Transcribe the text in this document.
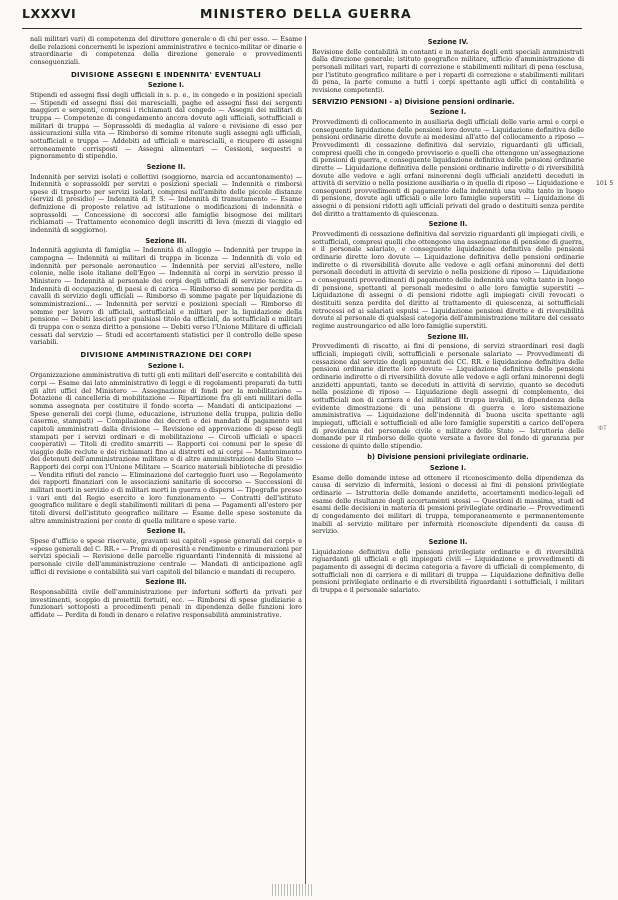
LXXXVI	MINISTERO DELLA GUERRA

nali militari vari) di competenza del direttore generale o di chi per esso. — Esame delle relazioni concernenti le ispezioni amministrative e tecnico-militar or dinarie e straordinarie di competenza della direzione generale e provvedimenti conseguenziali.

DIVISIONE ASSEGNI E INDENNITA' EVENTUALI
Sezione I.

Stipendi ed assegni fissi degli ufficiali in s. p. e., in congedo e in posizioni speciali — Stipendi ed assegni fissi dei marescialli, paghe ed assegni fissi dei sergenti maggiori e sergenti, compresi i richiamati dal congedo — Assegni dei militari di truppa — Competenze di congedamento ancora dovute agli ufficiali, sottufficiali e militari di truppa — Soprassoldi di medaglia al valore e revisione di esso per assicurazioni sulla vita — Rimborso di somme ritenute sugli assegni agli ufficiali, sottufficiali e truppa — Addebiti ad ufficiali e marescialli, e ricupero di assegni erroneamente corrisposti — Assegni alimentari — Cessioni, sequestri e pignoramento di stipendio.

Sezione II.

Indennità per servizi isolati e collettivi (soggiorno, marcia ed accantonamento) — Indennità e soprassoldi per servizi e posizioni speciali — Indennità e rimborsi spese di trasporto per servizi isolati, compresi nell'ambito delle piccole distanze (servizi di presidio) — Indennità di P. S. — Indennità di tramutamento — Esame definizione di proposte relative ad istituzione o modificazioni di indennità e soprassoldi — Concessione di soccorsi alle famiglie bisognose dei militari richiamati — Trattamento economico degli inscritti di leva (mezzi di viaggio ed indennità di soggiorno).

Sezione III.

Indennità aggiunta di famiglia — Indennità di alloggio — Indennità per truppe in campagna — Indennità ai militari di truppa in licenza — Indennità di volo ed indennità per personale aeronautico — Indennità per servizi all'estero, nelle colonie, nelle isole italiane dell'Egeo — Indennità ai corpi in servizio presso il Ministero — Indennità al personale dei corpi degli ufficiali di servizio tecnico — Indennità di occupazione, di paesi e di carica — Rimborso di somme per perdita di cavalli di servizio degli ufficiali — Rimborso di somme pagate per liquidazione di somministrazioni... — Indennità per servizi e posizioni speciali — Rimborso di somme per lavoro di ufficiali, sottufficiali e militari per la liquidazione della pensione — Debiti lasciati per qualsiasi titolo da ufficiali, da sottufficiali e militari di truppa con o senza diritto a pensione — Debiti verso l'Unione Militare di ufficiali cessati dal servizio — Studi ed accertamenti statistici per il controllo delle spese variabili.

DIVISIONE AMMINISTRAZIONE DEI CORPI
Sezione I.

Organizzazione amministrativa di tutti gli enti militari dell'esercito e contabilità dei corpi — Esame dai lato amministrativo di leggi e di regolamenti preparati da tutti gli altri uffici del Ministero — Assegnazione di fondi per la mobilitazione — Dotazione di cancelleria di mobilitazione — Ripartizione fra gli enti militari della somma assegnata per costituire il fondo scorta — Mandati di anticipazione — Spese generali dei corpi (lume, educazione, istruzione della truppa, pulizia delle caserme, stampati) — Compilazione dei decreti e dei mandati di pagamento sui capitoli amministrati dalla divisione — Revisione ed approvazione di spese degli stampati per i servizi ordinari e di mobilitazione — Circoli ufficiali e spacci cooperativi — Titoli di credito smarriti — Rapporti coi comuni per le spese di viaggio delle reclute e dei richiamati fino ai distretti ed ai corpi — Mantenimento dei detenuti dell'amministrazione militare e di altre amministrazioni dello Stato — Rapporti dei corpi con l'Unione Militare — Scarico materiali biblioteche di presidio — Vendita rifiuti del rancio — Eliminazione del carteggio fuori uso — Regolamento dei rapporti finanziari con le associazioni sanitarie di soccorso — Successioni di militari morti in servizio e di militari morti in guerra o dispersi — Tipografie presso i vari enti del Regio esercito e loro funzionamento — Contratti dell'istituto geografico militare e degli stabilimenti militari di pena — Pagamenti all'estero per titoli diversi dell'istituto geografico militare — Esame delle spese sostenute da altre amministrazioni per conto di quella militare e spese varie.

Sezione II.

Spese d'ufficio e spese riservate, gravanti sui capitoli «spese generali dei corpi» e «spese generali del C. RR.» — Premi di operosità e rendimento e rimunerazioni per servizi speciali — Revisione delle parcelle riguardanti l'indennità di missione al personale civile dell'amministrazione centrale — Mandati di anticipazione agli uffici di revisione e contabilità sui vari capitoli del bilancio e mandati di recupero.

Sezione III.

Responsabilità civile dell'amministrazione per infortuni sofferti da privati per investimenti, scoppio di proiettili fortuiti, ecc. — Rimborsi di spese giudiziarie a funzionari sottoposti a procedimenti penali in dipendenza delle funzioni loro affidate — Perdita di fondi in denaro e relative responsabilità amministrative.

Sezione IV.

Revisione delle contabilità in contanti e in materia degli enti speciali amministrati dalla direzione generale; istituto geografico militare, ufficio d'amministrazione di personali militari vari, reparti di correzione e stabilimenti militari di pena (esclusa, per l'istituto geografico militare e per i reparti di correzione e stabilimenti militari di pena, la parte comune a tutti i corpi spettante agli uffici di contabilità e revisione competenti).

SERVIZIO PENSIONI - a) Divisione pensioni ordinarie.
Sezione I.

Provvedimenti di collocamento in ausiliaria degli ufficiali delle varie armi e corpi e conseguente liquidazione delle pensioni loro dovute — Liquidazione definitiva delle pensioni ordinarie dirette dovute ai medesimi all'atto del collocamento a riposo — Provvedimenti di cessazione definitiva dal servizio, riguardanti gli ufficiali, compresi quelli che in congedo provvisorio e quelli che ottengono un'assegnazione di pensioni di guerra, e conseguente liquidazione definitiva delle pensioni ordinarie dirette — Liquidazione definitiva delle pensioni ordinarie indirette o di riversibilità dovute alle vedove e agli orfani minorenni degli ufficiali anzidetti deceduti in attività di servizio o nella posizione ausiliaria o in quella di riposo — Liquidazione e conseguenti provvedimenti di pagamento della indennità una volta tanto in luogo di pensione, dovute agli ufficiali o alle loro famiglie superstiti — Liquidazione di assegni o di pensioni ridotti agli ufficiali privati del grado o destituiti senza perdite del diritto a trattamento di quiescenza.

Sezione II.

Provvedimenti di cessazione definitiva dal servizio riguardanti gli impiegati civili, e sottufficiali, compresi quelli che ottengono una assegnazione di pensione di guerra, e il personale salariato, e conseguente liquidazione definitiva delle pensioni ordinarie dirette loro dovute — Liquidazione definitiva delle pensioni ordinarie indirette o di riversibilità dovute alle vedove e agli orfani minorenni del detti personali deceduti in attività di servizio o nella posizione di riposo — Liquidazione e conseguenti provvedimenti di pagamento delle indennità una volta tanto in luogo di pensione, spettanti al personali medesimi o alle loro famiglie superstiti — Liquidazione di assegni o di pensioni ridotte agli impiegati civili revocati o destituiti senza perdita del diritto al trattamento di quiescenza, ai sottufficiali retrocessi ed ai salariati espulsi — Liquidazione pensioni dirette e di riversibilità dovute al personale di qualsiasi categoria dell'amministrazione militare del cessato regime austroungarico ed alle loro famiglie superstiti.

Sezione III.

Provvedimenti di riscatto, ai fini di pensione, di servizi straordinari resi dagli ufficiali, impiegati civili, sottufficiali e personale salariato — Provvedimenti di cessazione dal servizio degli appuntati dei CC. RR. e liquidazione definitiva delle pensioni ordinarie dirette loro dovute — Liquidazione definitiva delle pensioni ordinarie indirette o di riversibilità dovute alle vedove e agli orfani minorenni degli anzidetti appuntati, tanto se deceduti in attività di servizio, quanto se deceduti nella posizione di riposo — Liquidazione degli assegni di complemento, dei sottufficiali non di carriera e dei militari di truppa invalidi, in dipendenza della evidente dimostrazione di una pensione di guerra e loro sistemazione amministrativa — Liquidazione dell'indennità di buona uscita spettante agli impiegati, ufficiali e sottufficiali ed alle loro famiglie superstiti a carico dell'opera di previdenza del personale civile e militare dello Stato — Istruttoria delle domande per il rimborso delle quote versate a favore del fondo di garanzia per cessione di quinto dello stipendio.

b) Divisione pensioni privilegiate ordinarie.
Sezione I.

Esame delle domande intese ad ottenere il riconoscimento della dipendenza da causa di servizio di infermità, lesioni o decessi ai fini di pensioni privilegiate ordinarie — Istruttoria delle domande anzidette, accertamenti medico-legali ed esame delle risultanze degli accertamenti stessi — Questioni di massima, studi ed esami delle decisioni in materia di pensioni privilegiate ordinarie — Provvedimenti di congedamento dei militari di truppa, temporaneamente e permanentemente inabili al servizio militare per infermità riconosciute dipendenti da causa di servizio.

Sezione II.

Liquidazione definitiva delle pensioni privilegiate ordinarie e di riversibilità riguardanti gli ufficiali e gli impiegati civili — Liquidazione e provvedimenti di pagamento di assegni di decima categoria a favore di ufficiali di complemento, di sottufficiali non di carriera e di militari di truppa — Liquidazione definitiva delle pensioni privilegiate ordinarie e di riversibilità riguardanti i sottufficiali, i militari di truppa e il personale salariato.

101 5
ФT
